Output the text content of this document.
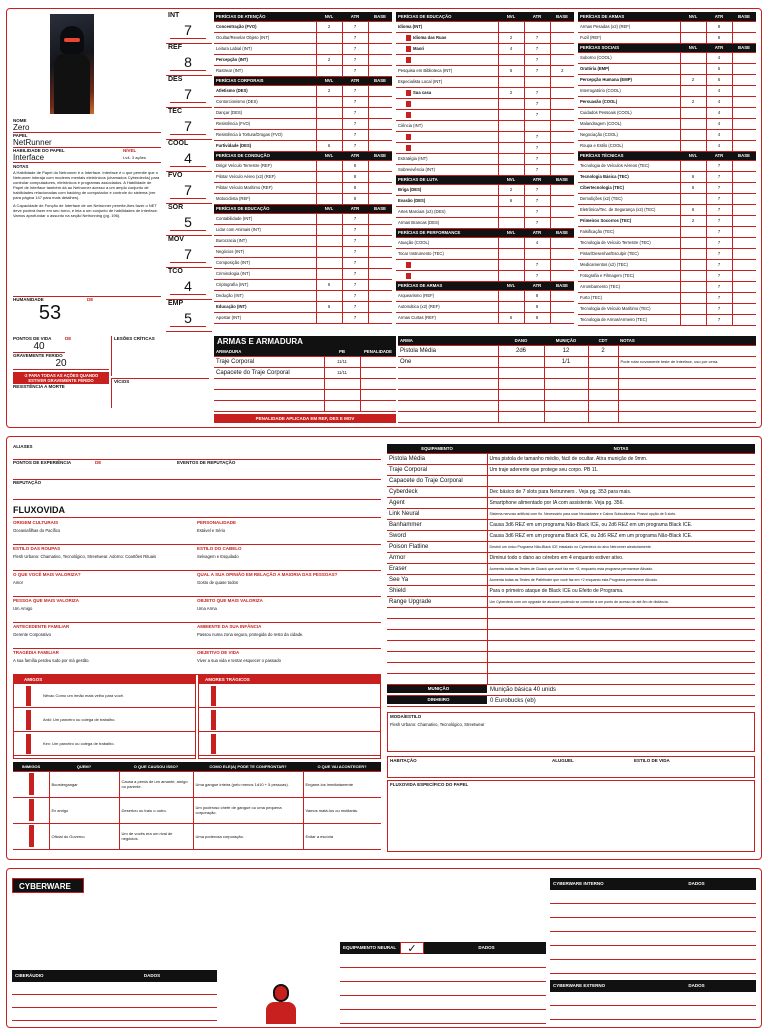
NOME
Zero
PAPEL
NetRunner
HABILIDADE DO PAPEL
Interface
NÍVEL
Lv4- 3 ações
NOTAS
A Habilidade de Papel do Netrunner é a Interface. Interface é o que permite que o Netrunner interaja com modems mentais eletrônicos (chamados Cyberdecks) para controlar computadores, eletrônicos e programas associados. A Habilidade de Papel de Interface também dá ao Netrunner acesso a um amplo conjunto de habilidades relacionadas com hacking de computador e controle do sistema (ver para página 147 para mais detalhes).
A Capacidade de Função de Interface de um Netrunner permite-lhes fazer o NET deve poderá fazer em seu turno, e leia a um conjunto de habilidades de Interface. Vamos aprofundar o assunto na seção Netrunning (pg. 196).
HUMANIDADE	DE
53
INT
7
REF
8
DES
7
TEC
7
COOL
4
FVO
7
SOR
5
MOV
7
TCO
4
EMP
5
PERÍCIAS DE ATENÇÃO	NVL	ATR	BASE
Concentração (FVO)	2	7	
Ocultar/Revelar Objeto (INT)		7	
Leitura Labial (INT)		7	
Percepção (INT)	2	7	
Rastrear (INT)		7	
PERÍCIAS CORPORAIS	NVL	ATR	BASE
Atletismo (DES)	2	7	
Contorcionismo (DES)		7	
Dançar (DES)		7	
Resistência (FVO)		7	
Resistência à Tortura/Drogas (FVO)		7	
Furtividade (DES)	6	7	
PERÍCIAS DE CONDUÇÃO	NVL	ATR	BASE
Dirigir Veículo Terrestre (REF)		8	
Pilotar Veículo Aéreo (x2) (REF)		8	
Pilotar Veículo Marítimo (REF)		8	
Motociclista (REF)		8	
PERÍCIAS DE EDUCAÇÃO	NVL	ATR	BASE
Contabilidade (INT)		7	
Lidar com Animais (INT)		7	
Burocracia (INT)		7	
Negócios (INT)		7	
Composição (INT)		7	
Criminologia (INT)		7	
Criptografia (INT)	6	7	
Dedução (INT)		7	
Educação (INT)	6	7	
Apostar (INT)		7	
PERÍCIAS DE EDUCAÇÃO	NVL	ATR	BASE
Idioma (INT)			
Idioma das Ruas	2	7	
Maori	4	7	
		7	
Pesquisa em Biblioteca (INT)	6	7	2
Especialista Local (INT)			
Sua casa	2	7	
		7	
		7	
Ciência (INT)			
		7	
		7	
Estratégia (INT)		7	
Sobrevivência (INT)		7	
PERÍCIAS DE LUTA	NVL	ATR	BASE
Briga (DES)	2	7	
Evasão (DES)	6	7	
Artes Marciais (x2) (DES)		7	
Armas Brancas (DES)		7	
PERÍCIAS DE PERFORMANCE	NVL	ATR	BASE
Atuação (COOL)		4	
Tocar Instrumento (TEC)			
		7	
		7	
PERÍCIAS DE ARMAS	NVL	ATR	BASE
Arquearismo (REF)		8	
Automática (x2) (REF)		8	
Armas Curtas (REF)	6	8	
PERÍCIAS DE ARMAS	NVL	ATR	BASE
Armas Pesadas (x2) (REF)		8	
Fuzil (REF)		8	
PERÍCIAS SOCIAIS	NVL	ATR	BASE
Suborno (COOL)		4	
Oratória (EMP)		5	
Percepção Humana (EMP)	2	5	
Interrogatório (COOL)		4	
Persuasão (COOL)	2	4	
Cuidados Pessoais (COOL)		4	
Malandragem (COOL)		4	
Negociação (COOL)		4	
Roupa e Estilo (COOL)		4	
PERÍCIAS TÉCNICAS	NVL	ATR	BASE
Tecnologia de Veículos Aéreos (TEC)		7	
Tecnologia Básica (TEC)	6	7	
Cibertecnologia (TEC)	6	7	
Demolições (x2) (TEC)		7	
Eletrônica/Tec. de Segurança (x2) (TEC)	6	7	
Primeiros Socorros (TEC)	2	7	
Falsificação (TEC)		7	
Tecnologia de Veículo Terrestre (TEC)		7	
Pintar/Desenhar/Esculpir (TEC)		7	
Medicamentos (x2) (TEC)		7	
Fotografia e Filmagem (TEC)		7	
Arrombamento (TEC)		7	
Furto (TEC)		7	
Tecnologia de Veículo Marítimo (TEC)		7	
Tecnologia de Armas/Armeiro (TEC)		7	
PONTOS DE VIDA	DE
40
GRAVEMENTE FERIDO
20
-2 PARA TODAS AS AÇÕES QUANDO ESTIVER GRAVEMENTE FERIDO
RESISTÊNCIA A MORTE
LESÕES CRÍTICAS
VÍCIOS
ARMAS E ARMADURA
ARMADURA	PB	PENALIDADE
Traje Corporal	11/11	
Capacete do Traje Corporal	11/11	

PENALIDADE APLICADA EM REF, DES E MOV
ARMA	DANO	MUNIÇÃO	CDT	NOTAS
Pistola Média	2d6	12	2	
One		1/1		Pode rolar novamente teste de Interface, uso por cena.

ALIASES
PONTOS DE EXPERIÊNCIA	DE	EVENTOS DE REPUTAÇÃO
REPUTAÇÃO
FLUXOVIDA
ORIGEM CULTURAIS
Oceaniafilhas do Pacífico
PERSONALIDADE
Estável e Sério
ESTILO DAS ROUPAS
Flesh Urbano: Chamativo, Tecnológico, Streetwear. Adorno: Coartões Rituais
ESTILO DO CABELO
Selvagem e Esquilado
O QUE VOCÊ MAIS VALORIZA?
Amor
QUAL A SUA OPINIÃO EM RELAÇÃO A MAIORIA DAS PESSOAS?
Gosto de quase todos
PESSOA QUE MAIS VALORIZA
Um Amigo
OBJETO QUE MAIS VALORIZA
Uma Arma
ANTECEDENTE FAMILIAR
Gerente Corporativo
AMBIENTE DA SUA INFÂNCIA
Passou numa zona segura, protegida do resto da cidade.
TRAGÉDIA FAMILIAR
A sua família perdeu tudo por má gestão.
OBJETIVO DE VIDA
Viver a sua vida e tentar esquecer o passado
AMIGOS
Nêvac Como um irmão mais velho para você.
Anki: Um parceiro ou colega de trabalho.
Kex: Um parceiro ou colega de trabalho.
AMORES TRÁGICOS
INIMIGOS	QUEM?	O QUE CAUSOU ISSO?	COMO ELE(A) PODE TE CONFRONTAR?	O QUE VAI ACONTECER?
	Boostergangar	Causa a perda de um amante, amigo ou parente.	Uma gangue inteira (pelo menos 1d10 + 5 pessoas).	Engane-los imediatamente
	Ex amigo	Desertou ou traiu o outro.	Um poderoso chefe de gangue ou uma pequena corporação.	Vamos matá-los ou mutilarás.
	Oficial do Governo	Um de vocês era um rival de negócios.	Uma poderosa corporação.	Evitar a escória
EQUIPAMENTO	NOTAS
Pistola Média	Uma pistola de tamanho médio, fácil de ocultar. Atira munição de 9mm.
Traje Corporal	Um traje aderente que protege seu corpo. PB 11.
Capacete do Traje Corporal	
Cyberdeck	Dec básico de 7 slots para Netrunners . Veja pg. 353 para mais.
Agent	Smartphone alimentado por IA com assistente. Veja pg. 356.
Link Neural	Sistema nervoso artificial com fio. Necessário para usar Neuradware e Cabos Subcutâneos. Possui opção de 5 slots.
Banhammer	Causa 3d6 REZ em um programa Não-Black ICE, ou 2d6 REZ em um programa Black ICE.
Sword	Causa 3d6 REZ em um programa Black ICE, ou 2d6 REZ em um programa Não-Black ICE.
Poison Flatline	Destrói um único Programa Não-Black ICE instalado no Cyberdeck do alvo Netrunner aleatoriamente.
Armor	Diminui todo o dano ao cérebro em 4 enquanto estiver ativo.
Eraser	Aumenta todas as Testes de Cloack que você faz em +2, enquanto esta programa permanece Ativado.
See Ya	Aumenta todas as Testes de Pathfinder que você faz em +2 enquanto esta Programa permanece Ativado.
Shield	Para o primeiro ataque de Black ICE ou Efeito de Programa.
Range Upgrade	Um Cyberdeck com um upgrade de alcance podendo se conectar a um ponto de acesso de até 8m de distância.

MUNIÇÃO	Munição básica 40 unids
DINHEIRO	0 Eurobucks (eb)
MODA/ESTILO
Flesh Urbano: Chamativo, Tecnológico, Streetwear
HABITAÇÃO	ALUGUEL	ESTILO DE VIDA
FLUXOVIDA ESPECÍFICO DO PAPEL
CYBERWARE
EQUIPAMENTO NEURAL	✓	DADOS
CIBERÁUDIO	DADOS
CYBERWARE INTERNO	DADOS
CYBERWARE EXTERNO	DADOS
